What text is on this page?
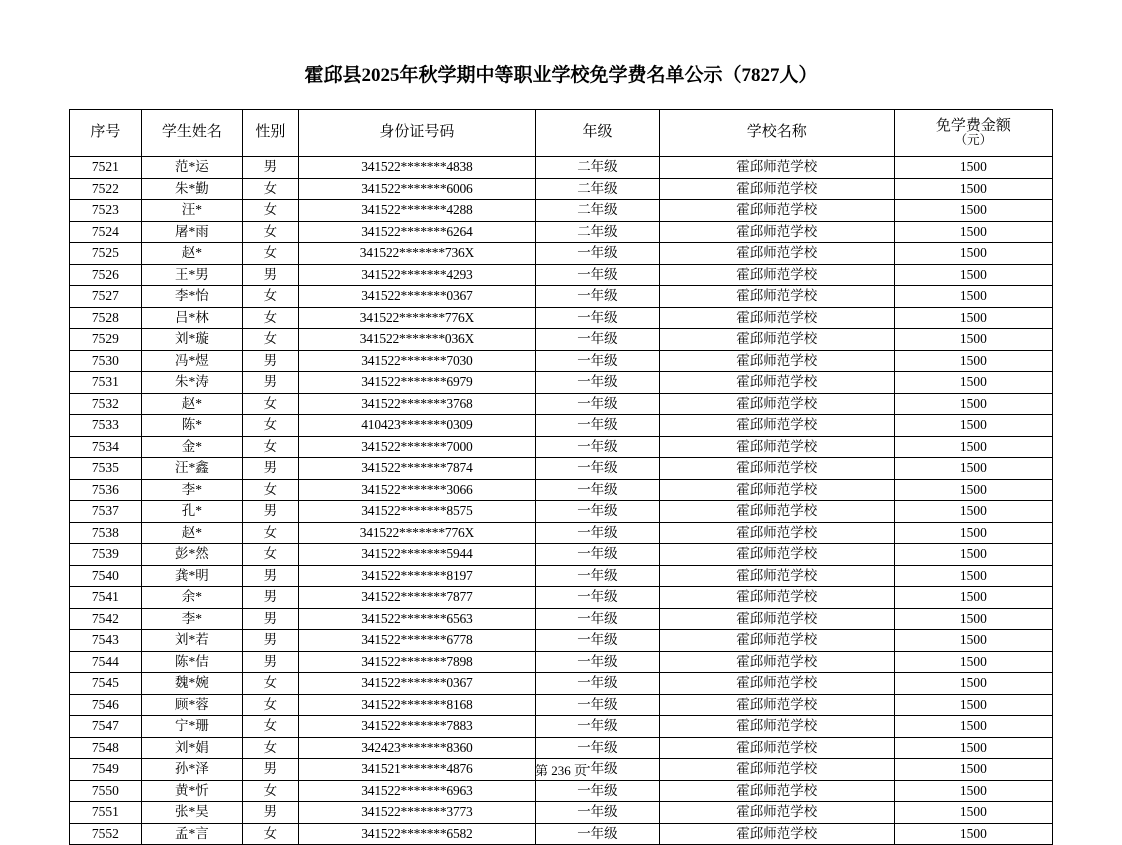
霍邱县2025年秋学期中等职业学校免学费名单公示（7827人）
序号	学生姓名	性别	身份证号码	年级	学校名称	免学费金额
（元）

7521	范*运	男	341522*******4838	二年级	霍邱师范学校	1500
7522	朱*勤	女	341522*******6006	二年级	霍邱师范学校	1500
7523	汪*	女	341522*******4288	二年级	霍邱师范学校	1500
7524	屠*雨	女	341522*******6264	二年级	霍邱师范学校	1500
7525	赵*	女	341522*******736X	一年级	霍邱师范学校	1500
7526	王*男	男	341522*******4293	一年级	霍邱师范学校	1500
7527	李*怡	女	341522*******0367	一年级	霍邱师范学校	1500
7528	吕*林	女	341522*******776X	一年级	霍邱师范学校	1500
7529	刘*璇	女	341522*******036X	一年级	霍邱师范学校	1500
7530	冯*煜	男	341522*******7030	一年级	霍邱师范学校	1500
7531	朱*涛	男	341522*******6979	一年级	霍邱师范学校	1500
7532	赵*	女	341522*******3768	一年级	霍邱师范学校	1500
7533	陈*	女	410423*******0309	一年级	霍邱师范学校	1500
7534	金*	女	341522*******7000	一年级	霍邱师范学校	1500
7535	汪*鑫	男	341522*******7874	一年级	霍邱师范学校	1500
7536	李*	女	341522*******3066	一年级	霍邱师范学校	1500
7537	孔*	男	341522*******8575	一年级	霍邱师范学校	1500
7538	赵*	女	341522*******776X	一年级	霍邱师范学校	1500
7539	彭*然	女	341522*******5944	一年级	霍邱师范学校	1500
7540	龚*明	男	341522*******8197	一年级	霍邱师范学校	1500
7541	余*	男	341522*******7877	一年级	霍邱师范学校	1500
7542	李*	男	341522*******6563	一年级	霍邱师范学校	1500
7543	刘*若	男	341522*******6778	一年级	霍邱师范学校	1500
7544	陈*佶	男	341522*******7898	一年级	霍邱师范学校	1500
7545	魏*婉	女	341522*******0367	一年级	霍邱师范学校	1500
7546	顾*蓉	女	341522*******8168	一年级	霍邱师范学校	1500
7547	宁*珊	女	341522*******7883	一年级	霍邱师范学校	1500
7548	刘*娟	女	342423*******8360	一年级	霍邱师范学校	1500
7549	孙*泽	男	341521*******4876	一年级	霍邱师范学校	1500
7550	黄*忻	女	341522*******6963	一年级	霍邱师范学校	1500
7551	张*昊	男	341522*******3773	一年级	霍邱师范学校	1500
7552	孟*言	女	341522*******6582	一年级	霍邱师范学校	1500
第 236 页
